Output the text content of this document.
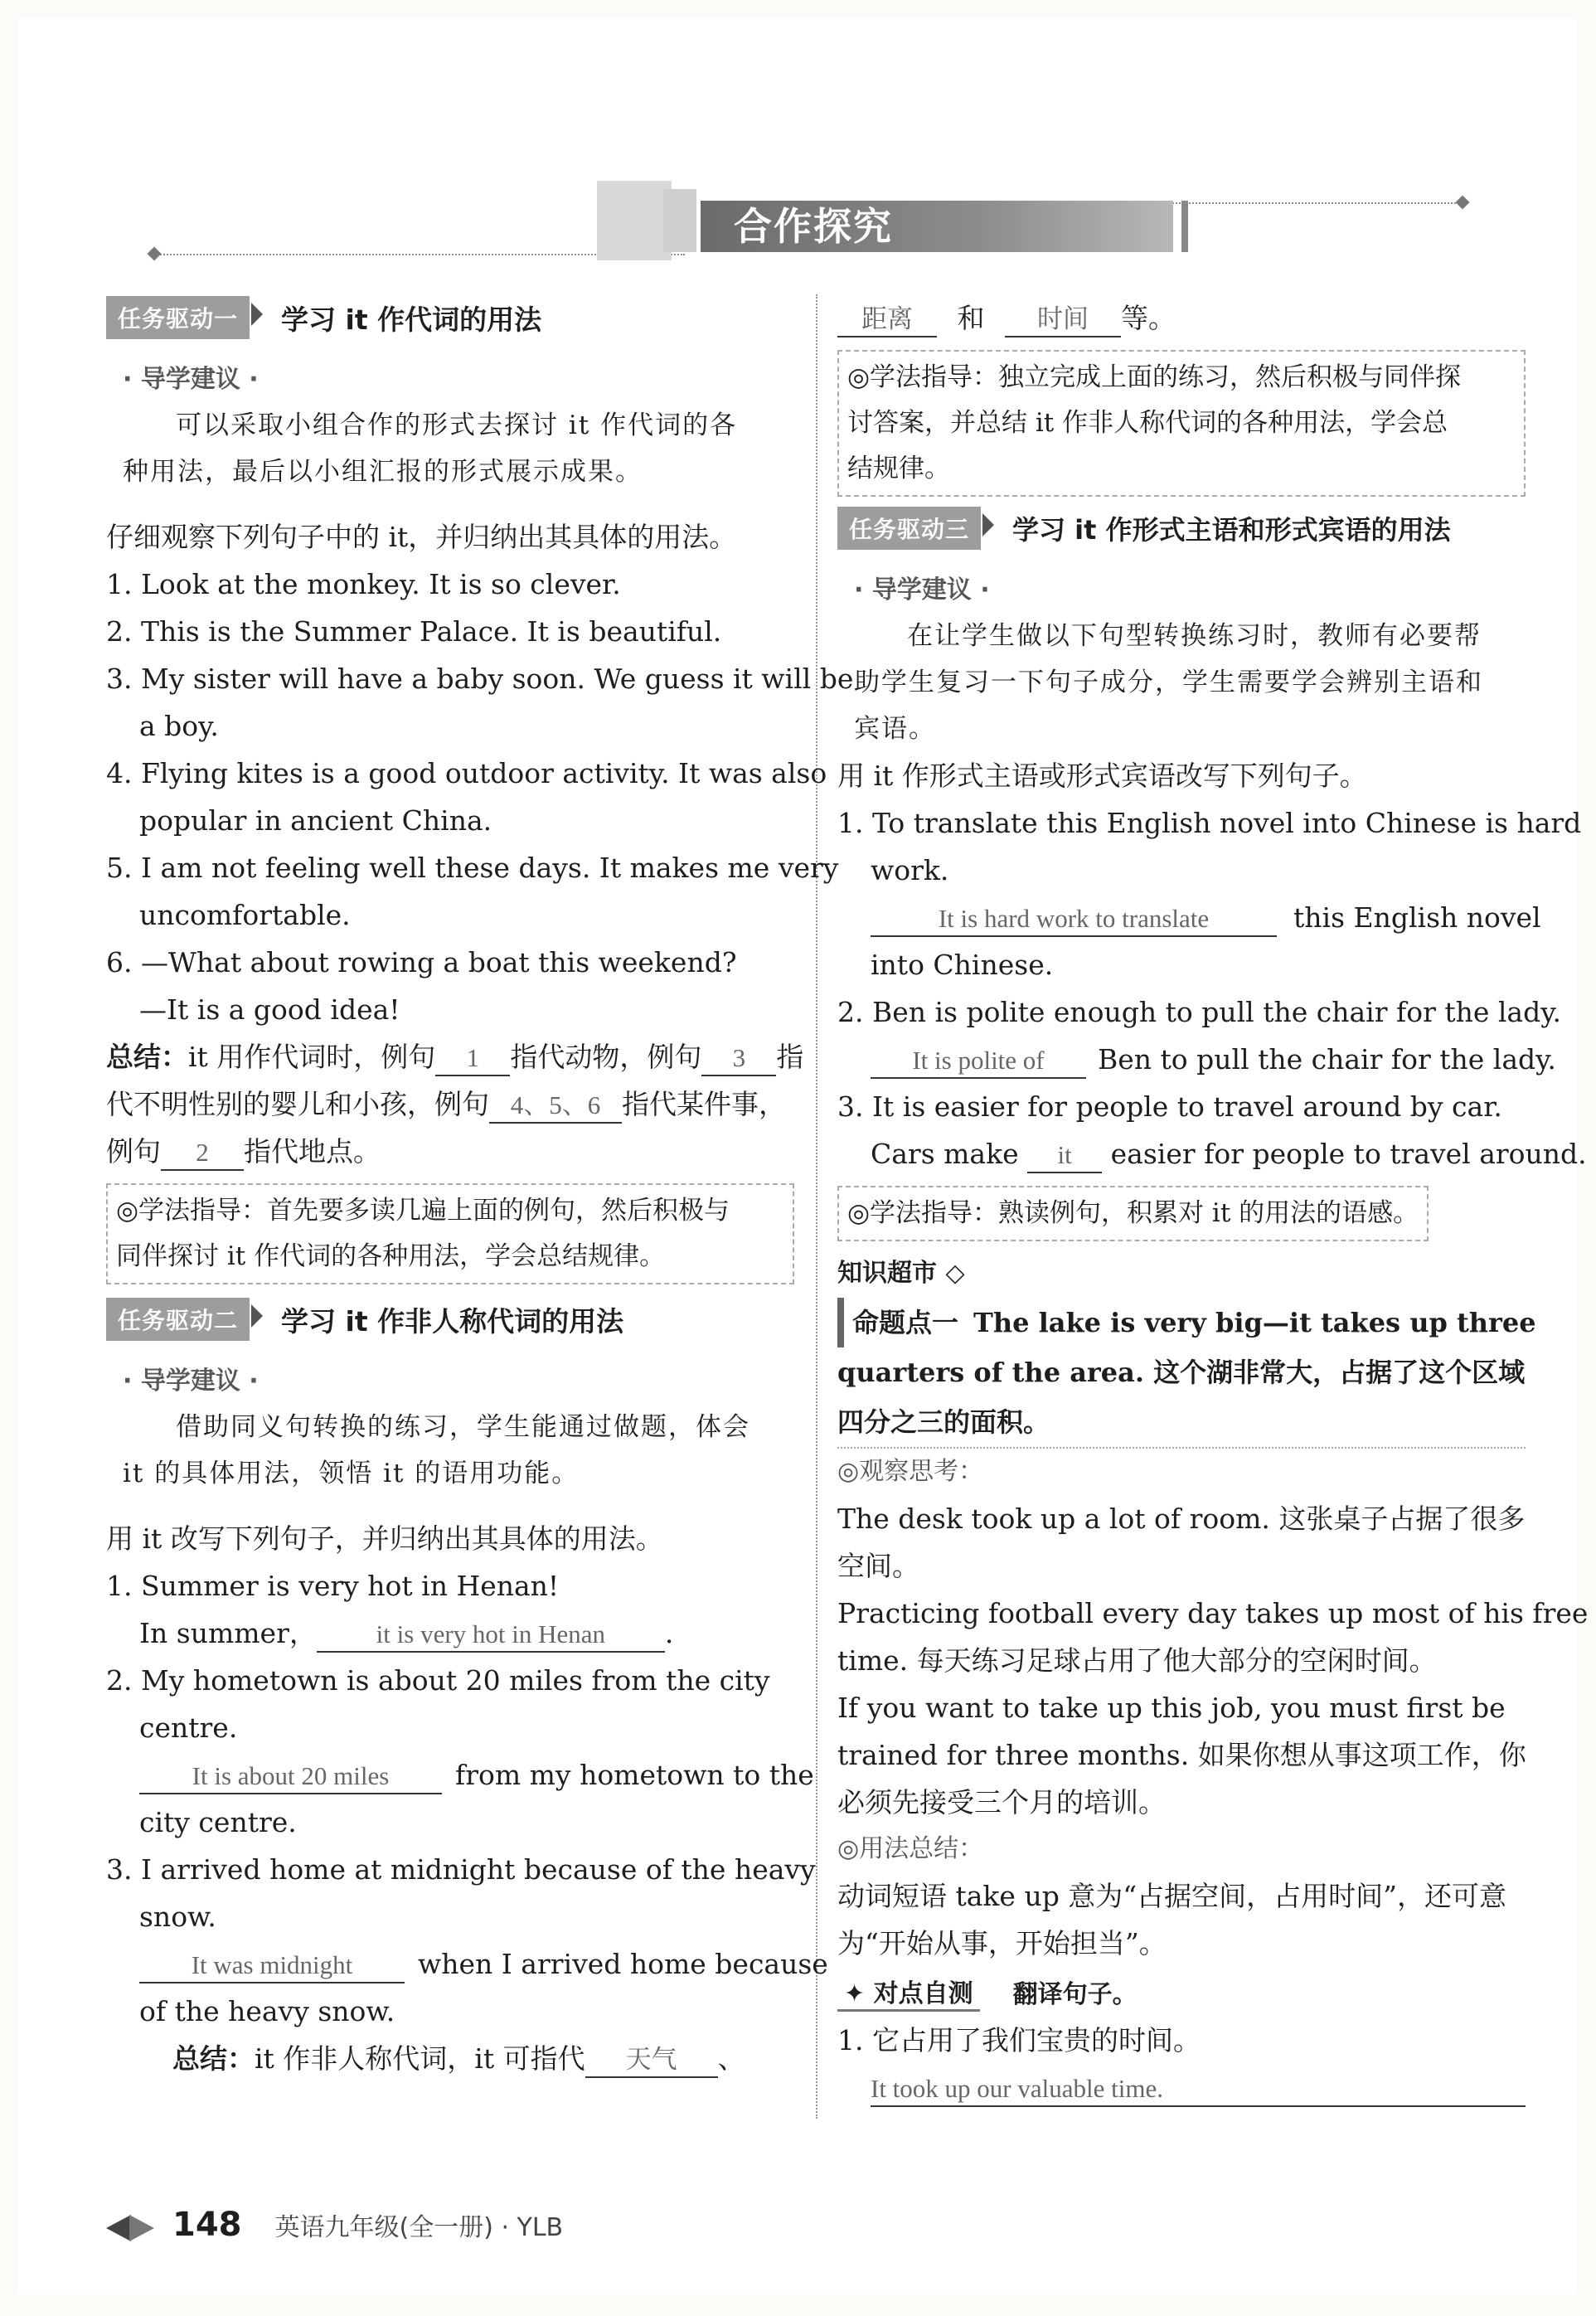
合作探究
任务驱动一	学习 it 作代词的用法
· 导学建议 ·

可以采取小组合作的形式去探讨 it 作代词的各

种用法，最后以小组汇报的形式展示成果。

仔细观察下列句子中的 it，并归纳出其具体的用法。
1. Look at the monkey. It is so clever.
2. This is the Summer Palace. It is beautiful.
3. My sister will have a baby soon. We guess it will be
a boy.
4. Flying kites is a good outdoor activity. It was also
popular in ancient China.
5. I am not feeling well these days. It makes me very
uncomfortable.
6. —What about rowing a boat this weekend?
—It is a good idea!
总结：it 用作代词时，例句 1 指代动物，例句 3 指
代不明性别的婴儿和小孩，例句 4、5、6 指代某件事，
例句 2 指代地点。

◎学法指导：首先要多读几遍上面的例句，然后积极与

同伴探讨 it 作代词的各种用法，学会总结规律。

任务驱动二	学习 it 作非人称代词的用法
· 导学建议 ·

借助同义句转换的练习，学生能通过做题，体会

it 的具体用法，领悟 it 的语用功能。

用 it 改写下列句子，并归纳出其具体的用法。
1. Summer is very hot in Henan!
In summer， it is very hot in Henan .
2. My hometown is about 20 miles from the city
centre.
It is about 20 miles from my hometown to the
city centre.
3. I arrived home at midnight because of the heavy
snow.
It was midnight when I arrived home because
of the heavy snow.
总结：it 作非人称代词，it 可指代 天气 、
距离 和 时间 等。

◎学法指导：独立完成上面的练习，然后积极与同伴探

讨答案，并总结 it 作非人称代词的各种用法，学会总

结规律。

任务驱动三	学习 it 作形式主语和形式宾语的用法
· 导学建议 ·

在让学生做以下句型转换练习时，教师有必要帮

助学生复习一下句子成分，学生需要学会辨别主语和

宾语。

用 it 作形式主语或形式宾语改写下列句子。
1. To translate this English novel into Chinese is hard
work.
It is hard work to translate	this English novel
into Chinese.
2. Ben is polite enough to pull the chair for the lady.
It is polite of Ben to pull the chair for the lady.
3. It is easier for people to travel around by car.
Cars make it easier for people to travel around.
◎学法指导：熟读例句，积累对 it 的用法的语感。
知识超市 ◇

命题点一 The lake is very big—it takes up three

quarters of the area. 这个湖非常大，占据了这个区域

四分之三的面积。

◎观察思考：
The desk took up a lot of room. 这张桌子占据了很多
空间。
Practicing football every day takes up most of his free
time. 每天练习足球占用了他大部分的空闲时间。
If you want to take up this job, you must first be
trained for three months. 如果你想从事这项工作，你
必须先接受三个月的培训。
◎用法总结：
动词短语 take up 意为“占据空间，占用时间”，还可意
为“开始从事，开始担当”。
✦ 对点自测 翻译句子。
1. 它占用了我们宝贵的时间。
It took up our valuable time.
148 英语九年级(全一册) · YLB
